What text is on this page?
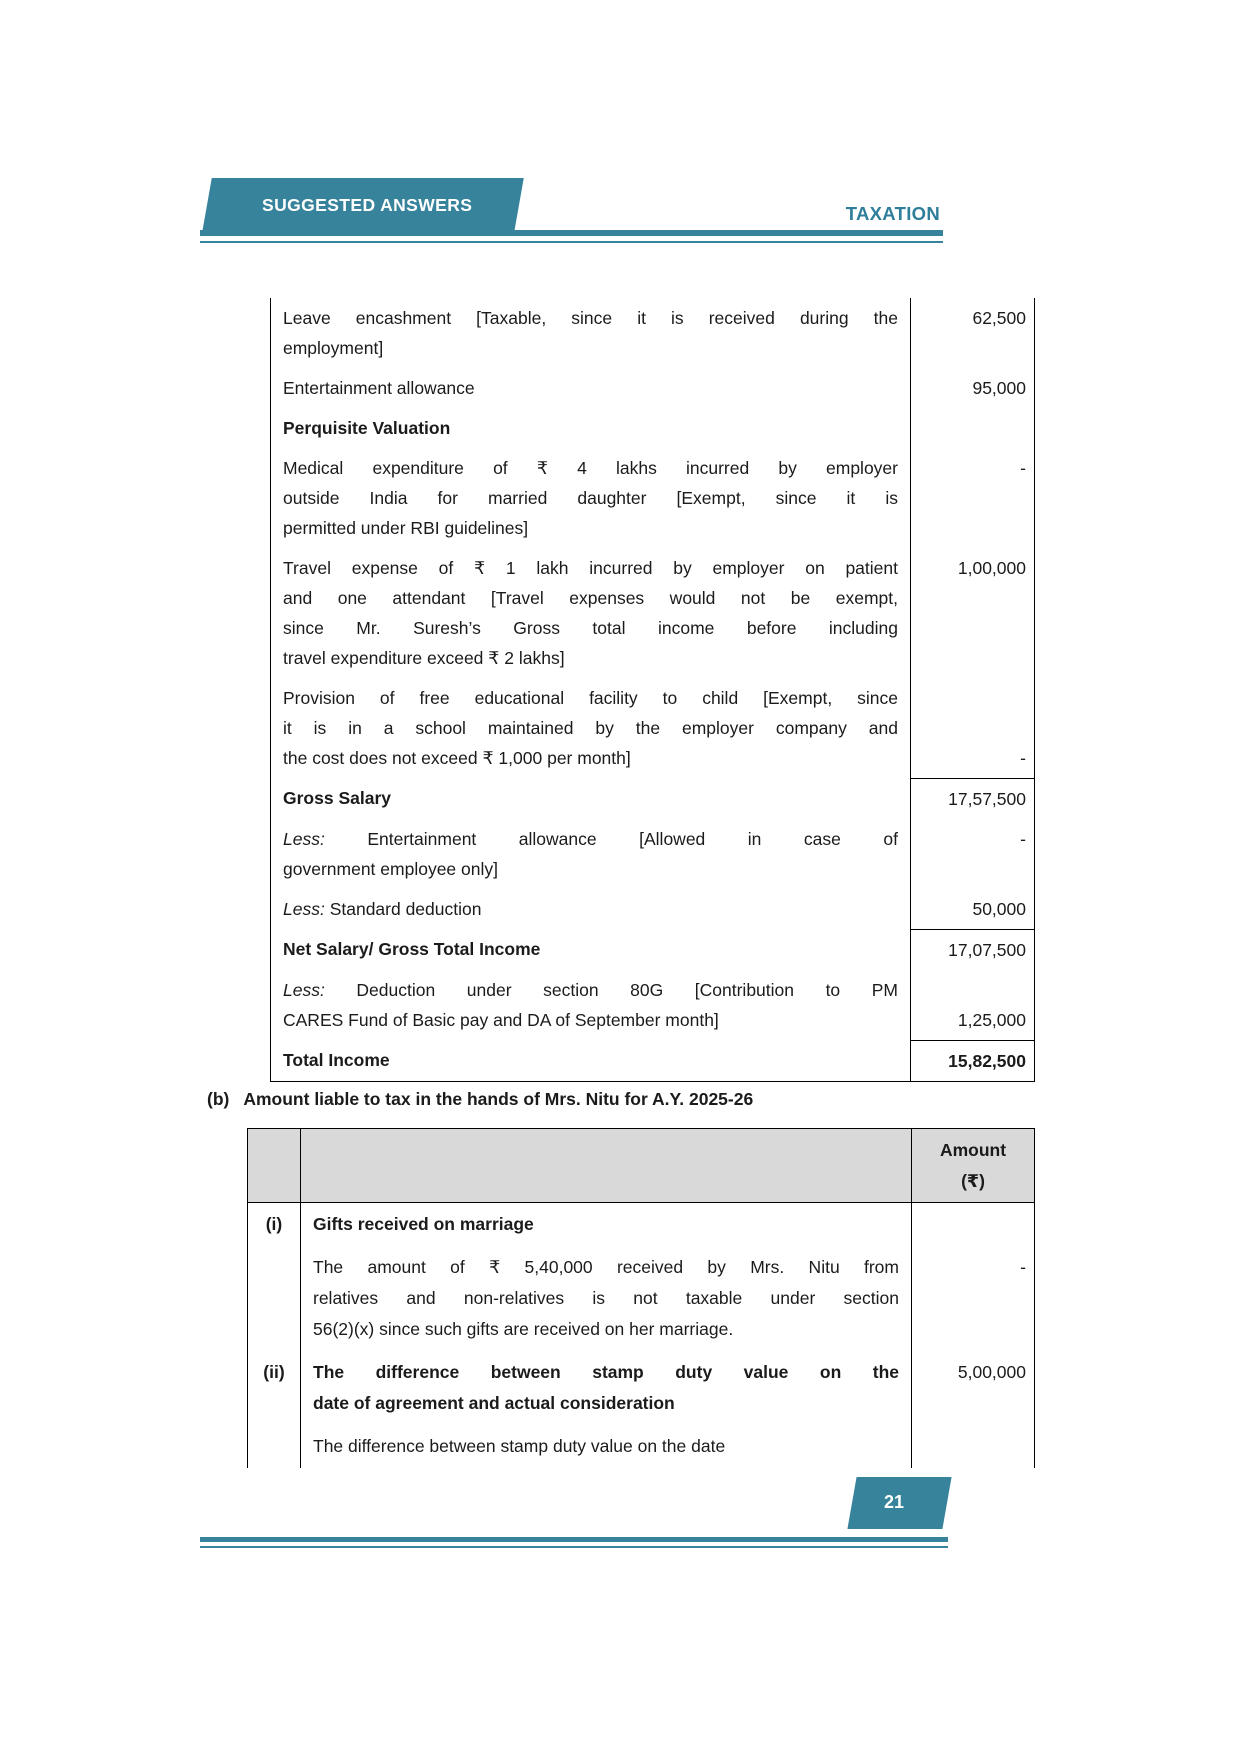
SUGGESTED ANSWERS	TAXATION
Leave encashment [Taxable, since it is received during the
employment]
62,500
Entertainment allowance	95,000
Perquisite Valuation
Medical expenditure of ₹ 4 lakhs incurred by employer
outside India for married daughter [Exempt, since it is
permitted under RBI guidelines]
-
Travel expense of ₹ 1 lakh incurred by employer on patient
and one attendant [Travel expenses would not be exempt,
since Mr. Suresh’s Gross total income before including
travel expenditure exceed ₹ 2 lakhs]
1,00,000
Provision of free educational facility to child [Exempt, since
it is in a school maintained by the employer company and
the cost does not exceed ₹ 1,000 per month]	-
Gross Salary	17,57,500
Less: Entertainment allowance [Allowed in case of
government employee only]
-
Less: Standard deduction	50,000
Net Salary/ Gross Total Income	17,07,500
Less: Deduction under section 80G [Contribution to PM
CARES Fund of Basic pay and DA of September month]	1,25,000
Total Income	15,82,500
(b) Amount liable to tax in the hands of Mrs. Nitu for A.Y. 2025-26
Amount
(₹)
(i)	Gifts received on marriage
The amount of ₹ 5,40,000 received by Mrs. Nitu from
relatives and non-relatives is not taxable under section
56(2)(x) since such gifts are received on her marriage.
-
(ii)	The difference between stamp duty value on the
date of agreement and actual consideration
5,00,000
The difference between stamp duty value on the date
21
